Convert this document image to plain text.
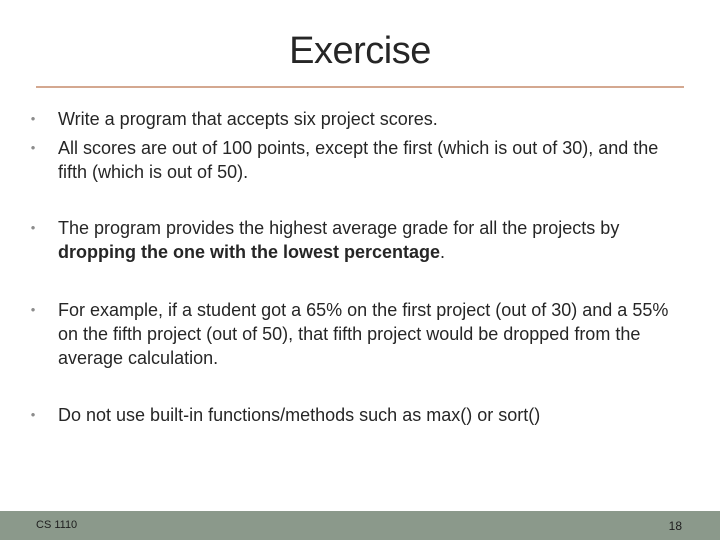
Exercise
•
Write a program that accepts six project scores.
•
All scores are out of 100 points, except the first (which is out of 30), and the fifth (which is out of 50).
•
The program provides the highest average grade for all the projects by dropping the one with the lowest percentage.
•
For example, if a student got a 65% on the first project (out of 30) and a 55% on the fifth project (out of 50), that fifth project would be dropped from the average calculation.
•
Do not use built-in functions/methods such as max() or sort()
CS 1110	18
